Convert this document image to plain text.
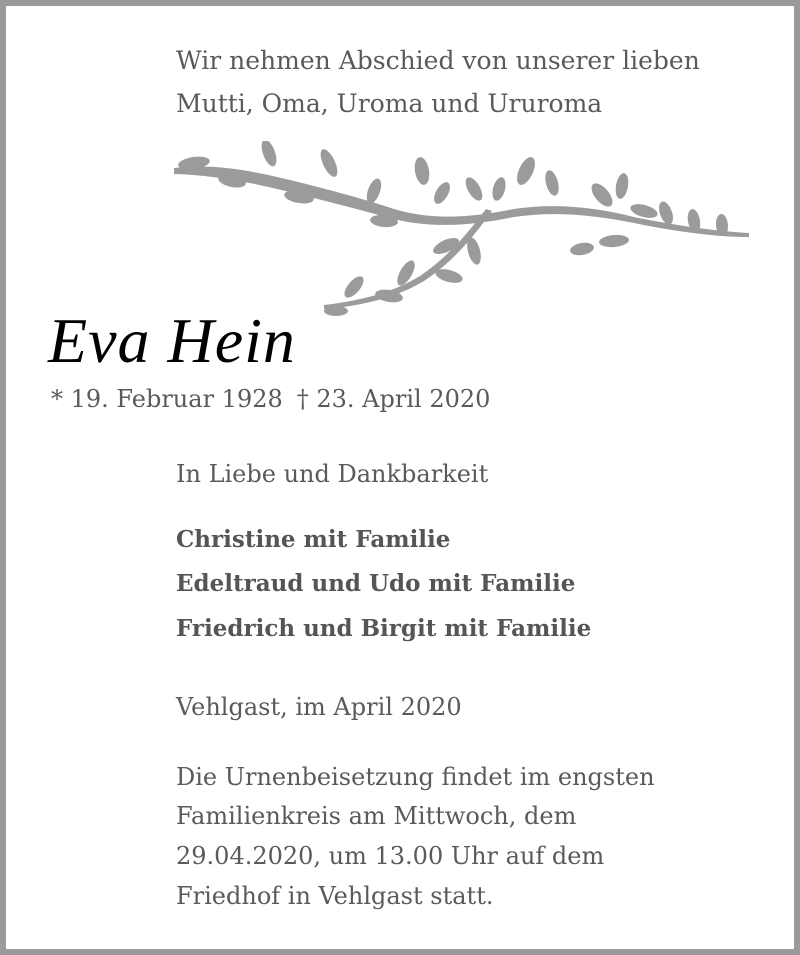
Wir nehmen Abschied von unserer lieben

Mutti, Oma, Uroma und Ururoma

Eva Hein
* 19. Februar 1928 † 23. April 2020

In Liebe und Dankbarkeit

Christine mit Familie

Edeltraud und Udo mit Familie

Friedrich und Birgit mit Familie

Vehlgast, im April 2020

Die Urnenbeisetzung findet im engsten

Familienkreis am Mittwoch, dem

29.04.2020, um 13.00 Uhr auf dem

Friedhof in Vehlgast statt.
